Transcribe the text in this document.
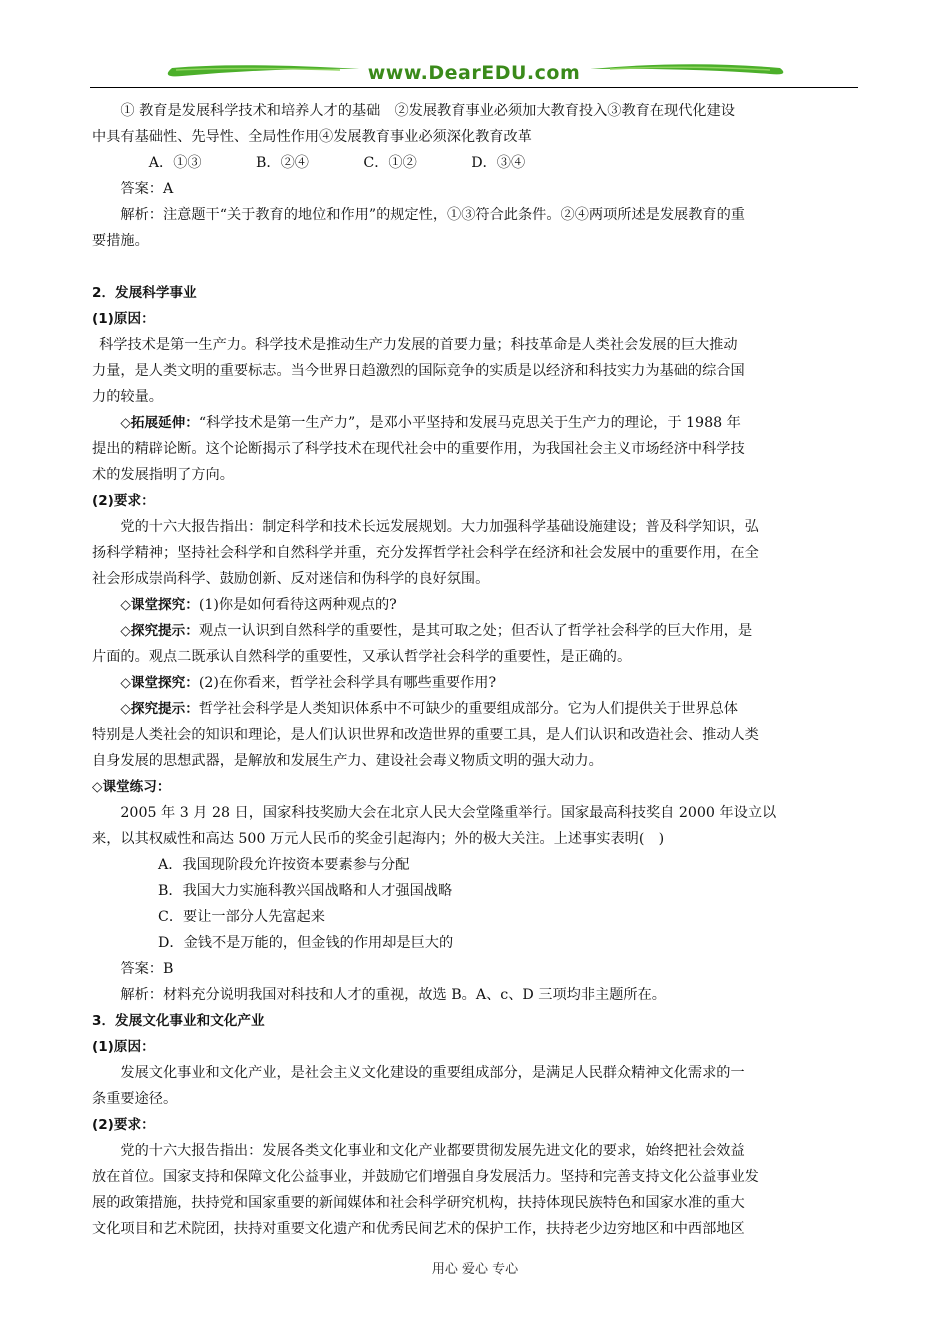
www.DearEDU.com

① 教育是发展科学技术和培养人才的基础　②发展教育事业必须加大教育投入③教育在现代化建设

中具有基础性、先导性、全局性作用④发展教育事业必须深化教育改革

A．①③	B．②④	C．①②	D．③④

答案：A

解析：注意题干“关于教育的地位和作用”的规定性，①③符合此条件。②④两项所述是发展教育的重

要措施。

2．发展科学事业

(1)原因：

科学技术是第一生产力。科学技术是推动生产力发展的首要力量；科技革命是人类社会发展的巨大推动

力量，是人类文明的重要标志。当今世界日趋激烈的国际竞争的实质是以经济和科技实力为基础的综合国

力的较量。

◇拓展延伸：“科学技术是第一生产力”，是邓小平坚持和发展马克思关于生产力的理论，于 1988 年

提出的精辟论断。这个论断揭示了科学技术在现代社会中的重要作用，为我国社会主义市场经济中科学技

术的发展指明了方向。

(2)要求：

党的十六大报告指出：制定科学和技术长远发展规划。大力加强科学基础设施建设；普及科学知识，弘

扬科学精神；坚持社会科学和自然科学并重，充分发挥哲学社会科学在经济和社会发展中的重要作用，在全

社会形成崇尚科学、鼓励创新、反对迷信和伪科学的良好氛围。

◇课堂探究：(1)你是如何看待这两种观点的?

◇探究提示：观点一认识到自然科学的重要性，是其可取之处；但否认了哲学社会科学的巨大作用，是

片面的。观点二既承认自然科学的重要性，又承认哲学社会科学的重要性，是正确的。

◇课堂探究：(2)在你看来，哲学社会科学具有哪些重要作用?

◇探究提示：哲学社会科学是人类知识体系中不可缺少的重要组成部分。它为人们提供关于世界总体

特别是人类社会的知识和理论，是人们认识世界和改造世界的重要工具，是人们认识和改造社会、推动人类

自身发展的思想武器，是解放和发展生产力、建设社会毒义物质文明的强大动力。

◇课堂练习：

2005 年 3 月 28 日，国家科技奖励大会在北京人民大会堂隆重举行。国家最高科技奖自 2000 年设立以

来，以其权威性和高达 500 万元人民币的奖金引起海内；外的极大关注。上述事实表明(　)

A．我国现阶段允许按资本要素参与分配

B．我国大力实施科教兴国战略和人才强国战略

C．要让一部分人先富起来

D．金钱不是万能的，但金钱的作用却是巨大的

答案：B

解析：材料充分说明我国对科技和人才的重视，故选 B。A、c、D 三项均非主题所在。

3．发展文化事业和文化产业

(1)原因：

发展文化事业和文化产业，是社会主义文化建设的重要组成部分，是满足人民群众精神文化需求的一

条重要途径。

(2)要求：

党的十六大报告指出：发展各类文化事业和文化产业都要贯彻发展先进文化的要求，始终把社会效益

放在首位。国家支持和保障文化公益事业，并鼓励它们增强自身发展活力。坚持和完善支持文化公益事业发

展的政策措施，扶持党和国家重要的新闻媒体和社会科学研究机构，扶持体现民族特色和国家水准的重大

文化项目和艺术院团，扶持对重要文化遗产和优秀民间艺术的保护工作，扶持老少边穷地区和中西部地区

用心 爱心 专心
